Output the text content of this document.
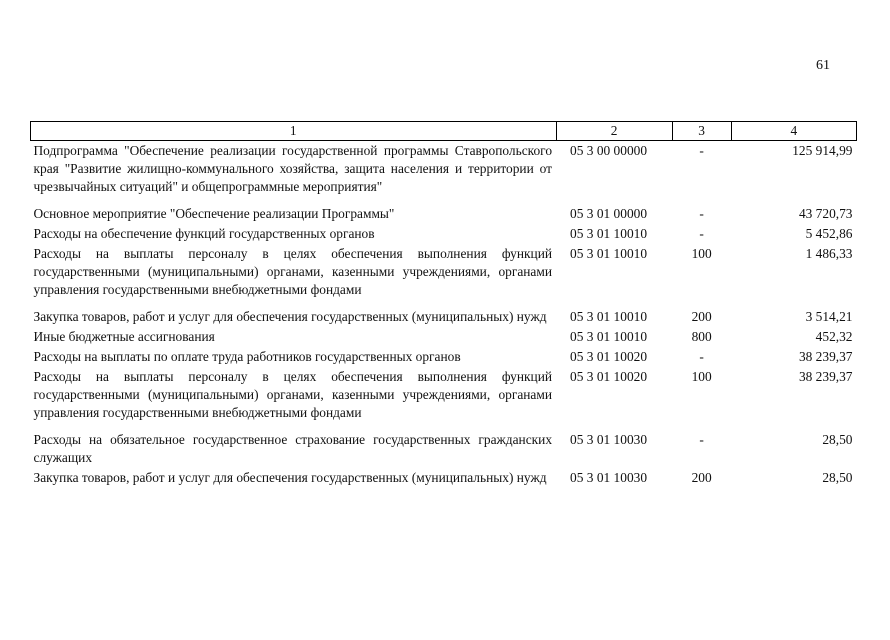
61
1	2	3	4
Подпрограмма "Обеспечение реализации государственной программы Ставропольского края "Развитие жилищно-коммунального хозяйства, защита населения и территории от чрезвычайных ситуаций" и общепрограммные мероприятия"	05 3 00 00000	-	125 914,99
Основное мероприятие "Обеспечение реализации Программы"	05 3 01 00000	-	43 720,73
Расходы на обеспечение функций государственных органов	05 3 01 10010	-	5 452,86
Расходы на выплаты персоналу в целях обеспечения выполнения функций государственными (муниципальными) органами, казенными учреждениями, органами управления государственными внебюджетными фондами	05 3 01 10010	100	1 486,33
Закупка товаров, работ и услуг для обеспечения государственных (муниципальных) нужд	05 3 01 10010	200	3 514,21
Иные бюджетные ассигнования	05 3 01 10010	800	452,32
Расходы на выплаты по оплате труда работников государственных органов	05 3 01 10020	-	38 239,37
Расходы на выплаты персоналу в целях обеспечения выполнения функций государственными (муниципальными) органами, казенными учреждениями, органами управления государственными внебюджетными фондами	05 3 01 10020	100	38 239,37
Расходы на обязательное государственное страхование государственных гражданских служащих	05 3 01 10030	-	28,50
Закупка товаров, работ и услуг для обеспечения государственных (муниципальных) нужд	05 3 01 10030	200	28,50
